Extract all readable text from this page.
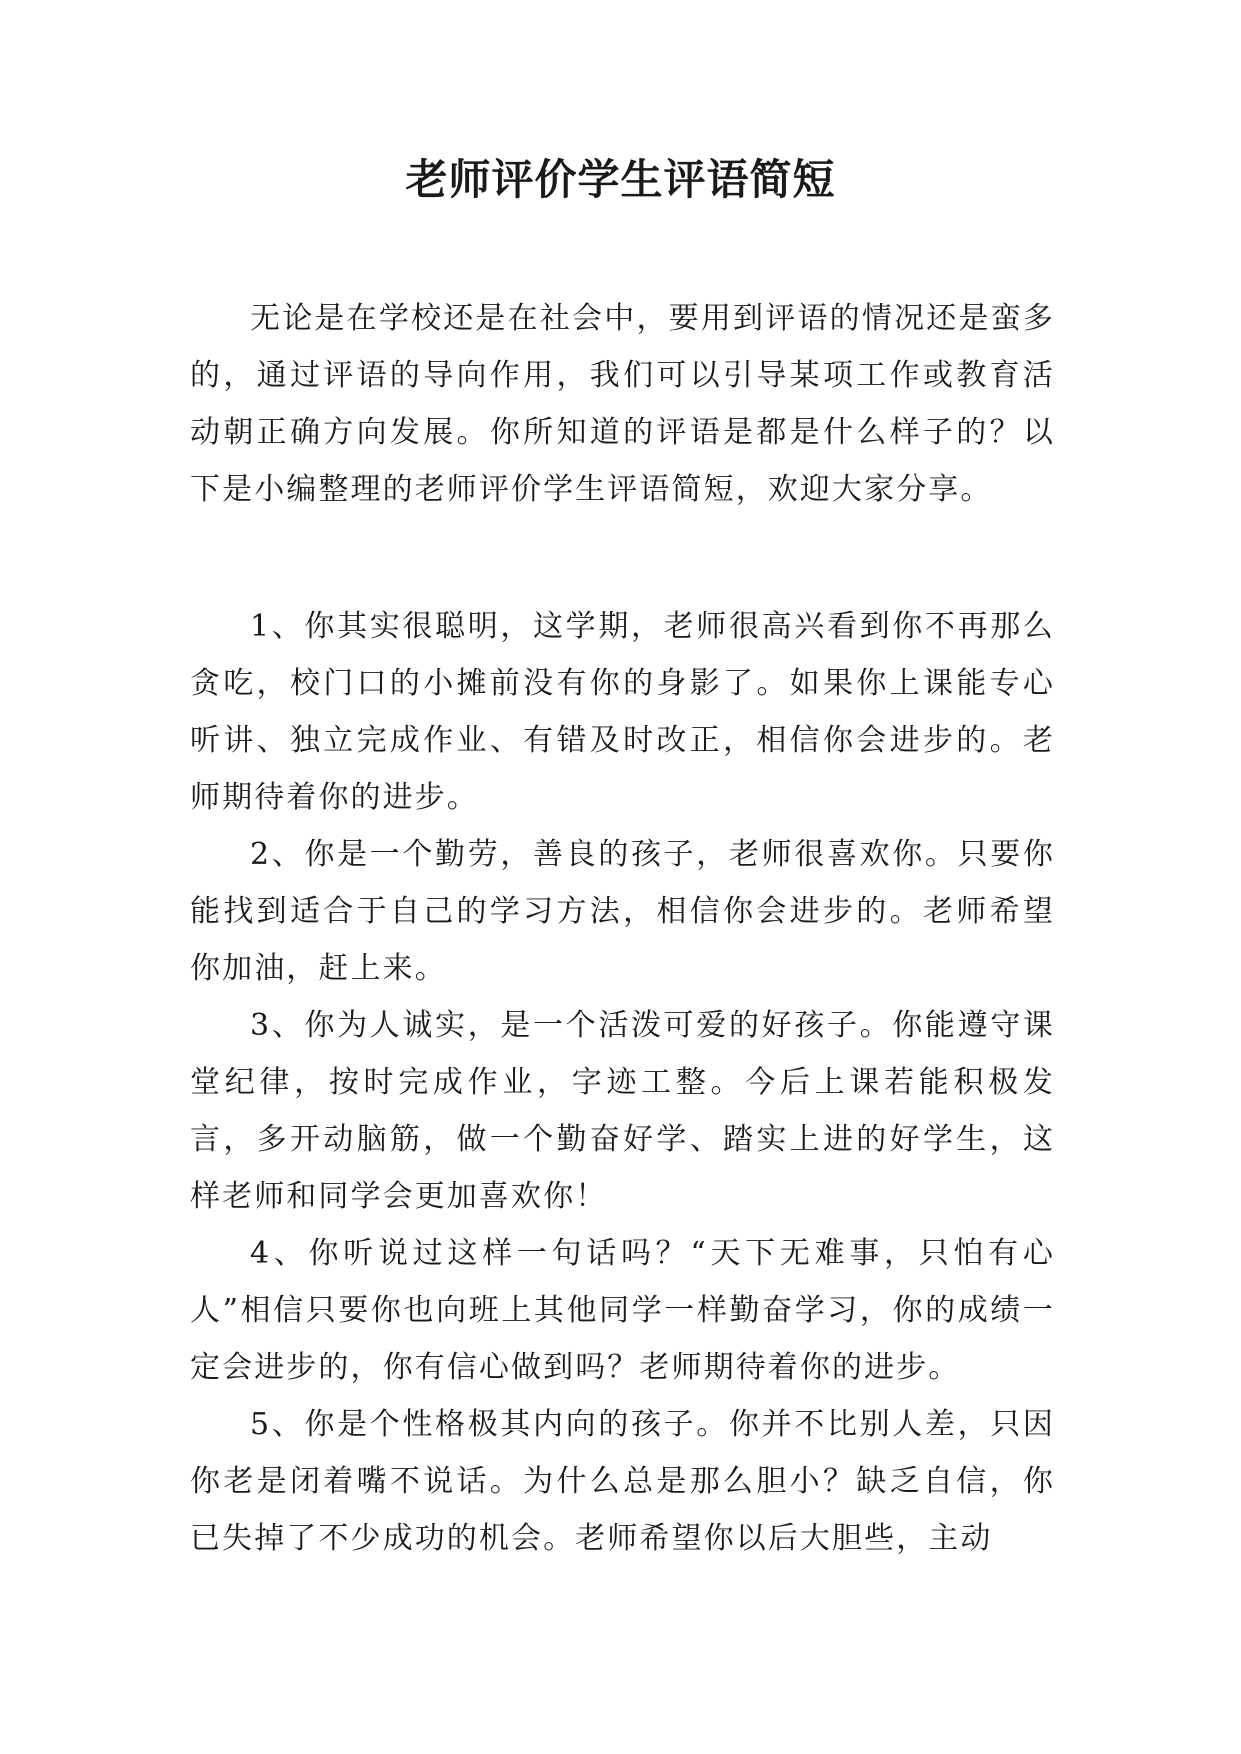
老师评价学生评语简短

无论是在学校还是在社会中，要用到评语的情况还是蛮多的，通过评语的导向作用，我们可以引导某项工作或教育活动朝正确方向发展。你所知道的评语是都是什么样子的？以下是小编整理的老师评价学生评语简短，欢迎大家分享。

1、你其实很聪明，这学期，老师很高兴看到你不再那么贪吃，校门口的小摊前没有你的身影了。如果你上课能专心听讲、独立完成作业、有错及时改正，相信你会进步的。老师期待着你的进步。

2、你是一个勤劳，善良的孩子，老师很喜欢你。只要你能找到适合于自己的学习方法，相信你会进步的。老师希望你加油，赶上来。

3、你为人诚实，是一个活泼可爱的好孩子。你能遵守课堂纪律，按时完成作业，字迹工整。今后上课若能积极发言，多开动脑筋，做一个勤奋好学、踏实上进的好学生，这样老师和同学会更加喜欢你！

4、你听说过这样一句话吗？“天下无难事，只怕有心人”相信只要你也向班上其他同学一样勤奋学习，你的成绩一定会进步的，你有信心做到吗？老师期待着你的进步。

5、你是个性格极其内向的孩子。你并不比别人差，只因你老是闭着嘴不说话。为什么总是那么胆小？缺乏自信，你已失掉了不少成功的机会。老师希望你以后大胆些，主动
